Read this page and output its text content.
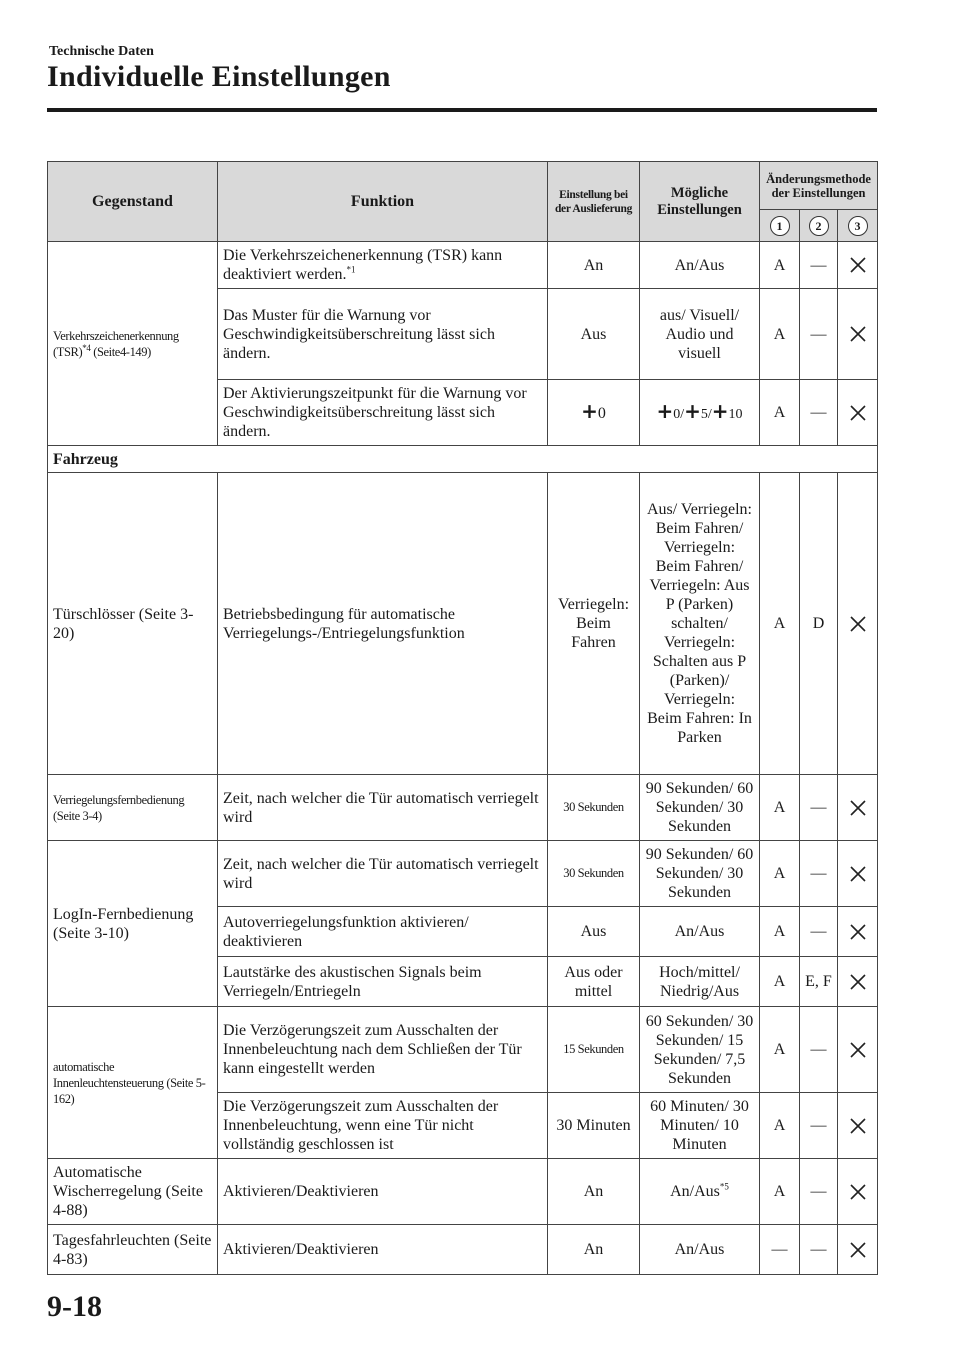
Technische Daten
Individuelle Einstellungen
Gegenstand	Funktion	Einstellung bei der Auslieferung	Mögliche Einstellungen	Änderungsmethode der Einstellungen		
				1	2	3
Verkehrszeichenerkennung (TSR)$^{*4}$ (Seite4-149)	Die Verkehrszeichenerkennung (TSR) kann deaktiviert werden.$^{*1}$	An	An/Aus	A	—	

	Das Muster für die Warnung vor Geschwindigkeitsüberschreitung lässt sich ändern.	Aus	aus/ Visuell/ Audio und visuell	A	—	

	Der Aktivierungszeitpunkt für die Warnung vor Geschwindigkeitsüberschreitung lässt sich ändern.	+0	+0/+5/+10	A	—	

Fahrzeug						
Türschlösser (Seite 3-20)	Betriebsbedingung für automatische Verriegelungs-/Entriegelungsfunktion	Verriegeln: Beim Fahren	Aus/ Verriegeln: Beim Fahren/ Verriegeln: Beim Fahren/ Verriegeln: Aus P (Parken) schalten/ Verriegeln: Schalten aus P (Parken)/ Verriegeln: Beim Fahren: In Parken	A	D	

Verriegelungsfernbedienung (Seite 3-4)	Zeit, nach welcher die Tür automatisch verriegelt wird	30 Sekunden	90 Sekunden/ 60 Sekunden/ 30 Sekunden	A	—	

LogIn-Fernbedienung (Seite 3-10)	Zeit, nach welcher die Tür automatisch verriegelt wird	30 Sekunden	90 Sekunden/ 60 Sekunden/ 30 Sekunden	A	—	

	Autoverriegelungsfunktion aktivieren/ deaktivieren	Aus	An/Aus	A	—	

	Lautstärke des akustischen Signals beim Verriegeln/Entriegeln	Aus oder mittel	Hoch/mittel/ Niedrig/Aus	A	E, F	

automatische Innenleuchtensteuerung (Seite 5-162)	Die Verzögerungszeit zum Ausschalten der Innenbeleuchtung nach dem Schließen der Tür kann eingestellt werden	15 Sekunden	60 Sekunden/ 30 Sekunden/ 15 Sekunden/ 7,5 Sekunden	A	—	

	Die Verzögerungszeit zum Ausschalten der Innenbeleuchtung, wenn eine Tür nicht vollständig geschlossen ist	30 Minuten	60 Minuten/ 30 Minuten/ 10 Minuten	A	—	

Automatische Wischerregelung (Seite 4-88)	Aktivieren/Deaktivieren	An	An/Aus$^{*5}$	A	—	

Tagesfahrleuchten (Seite 4-83)	Aktivieren/Deaktivieren	An	An/Aus	—	—	
9-18
